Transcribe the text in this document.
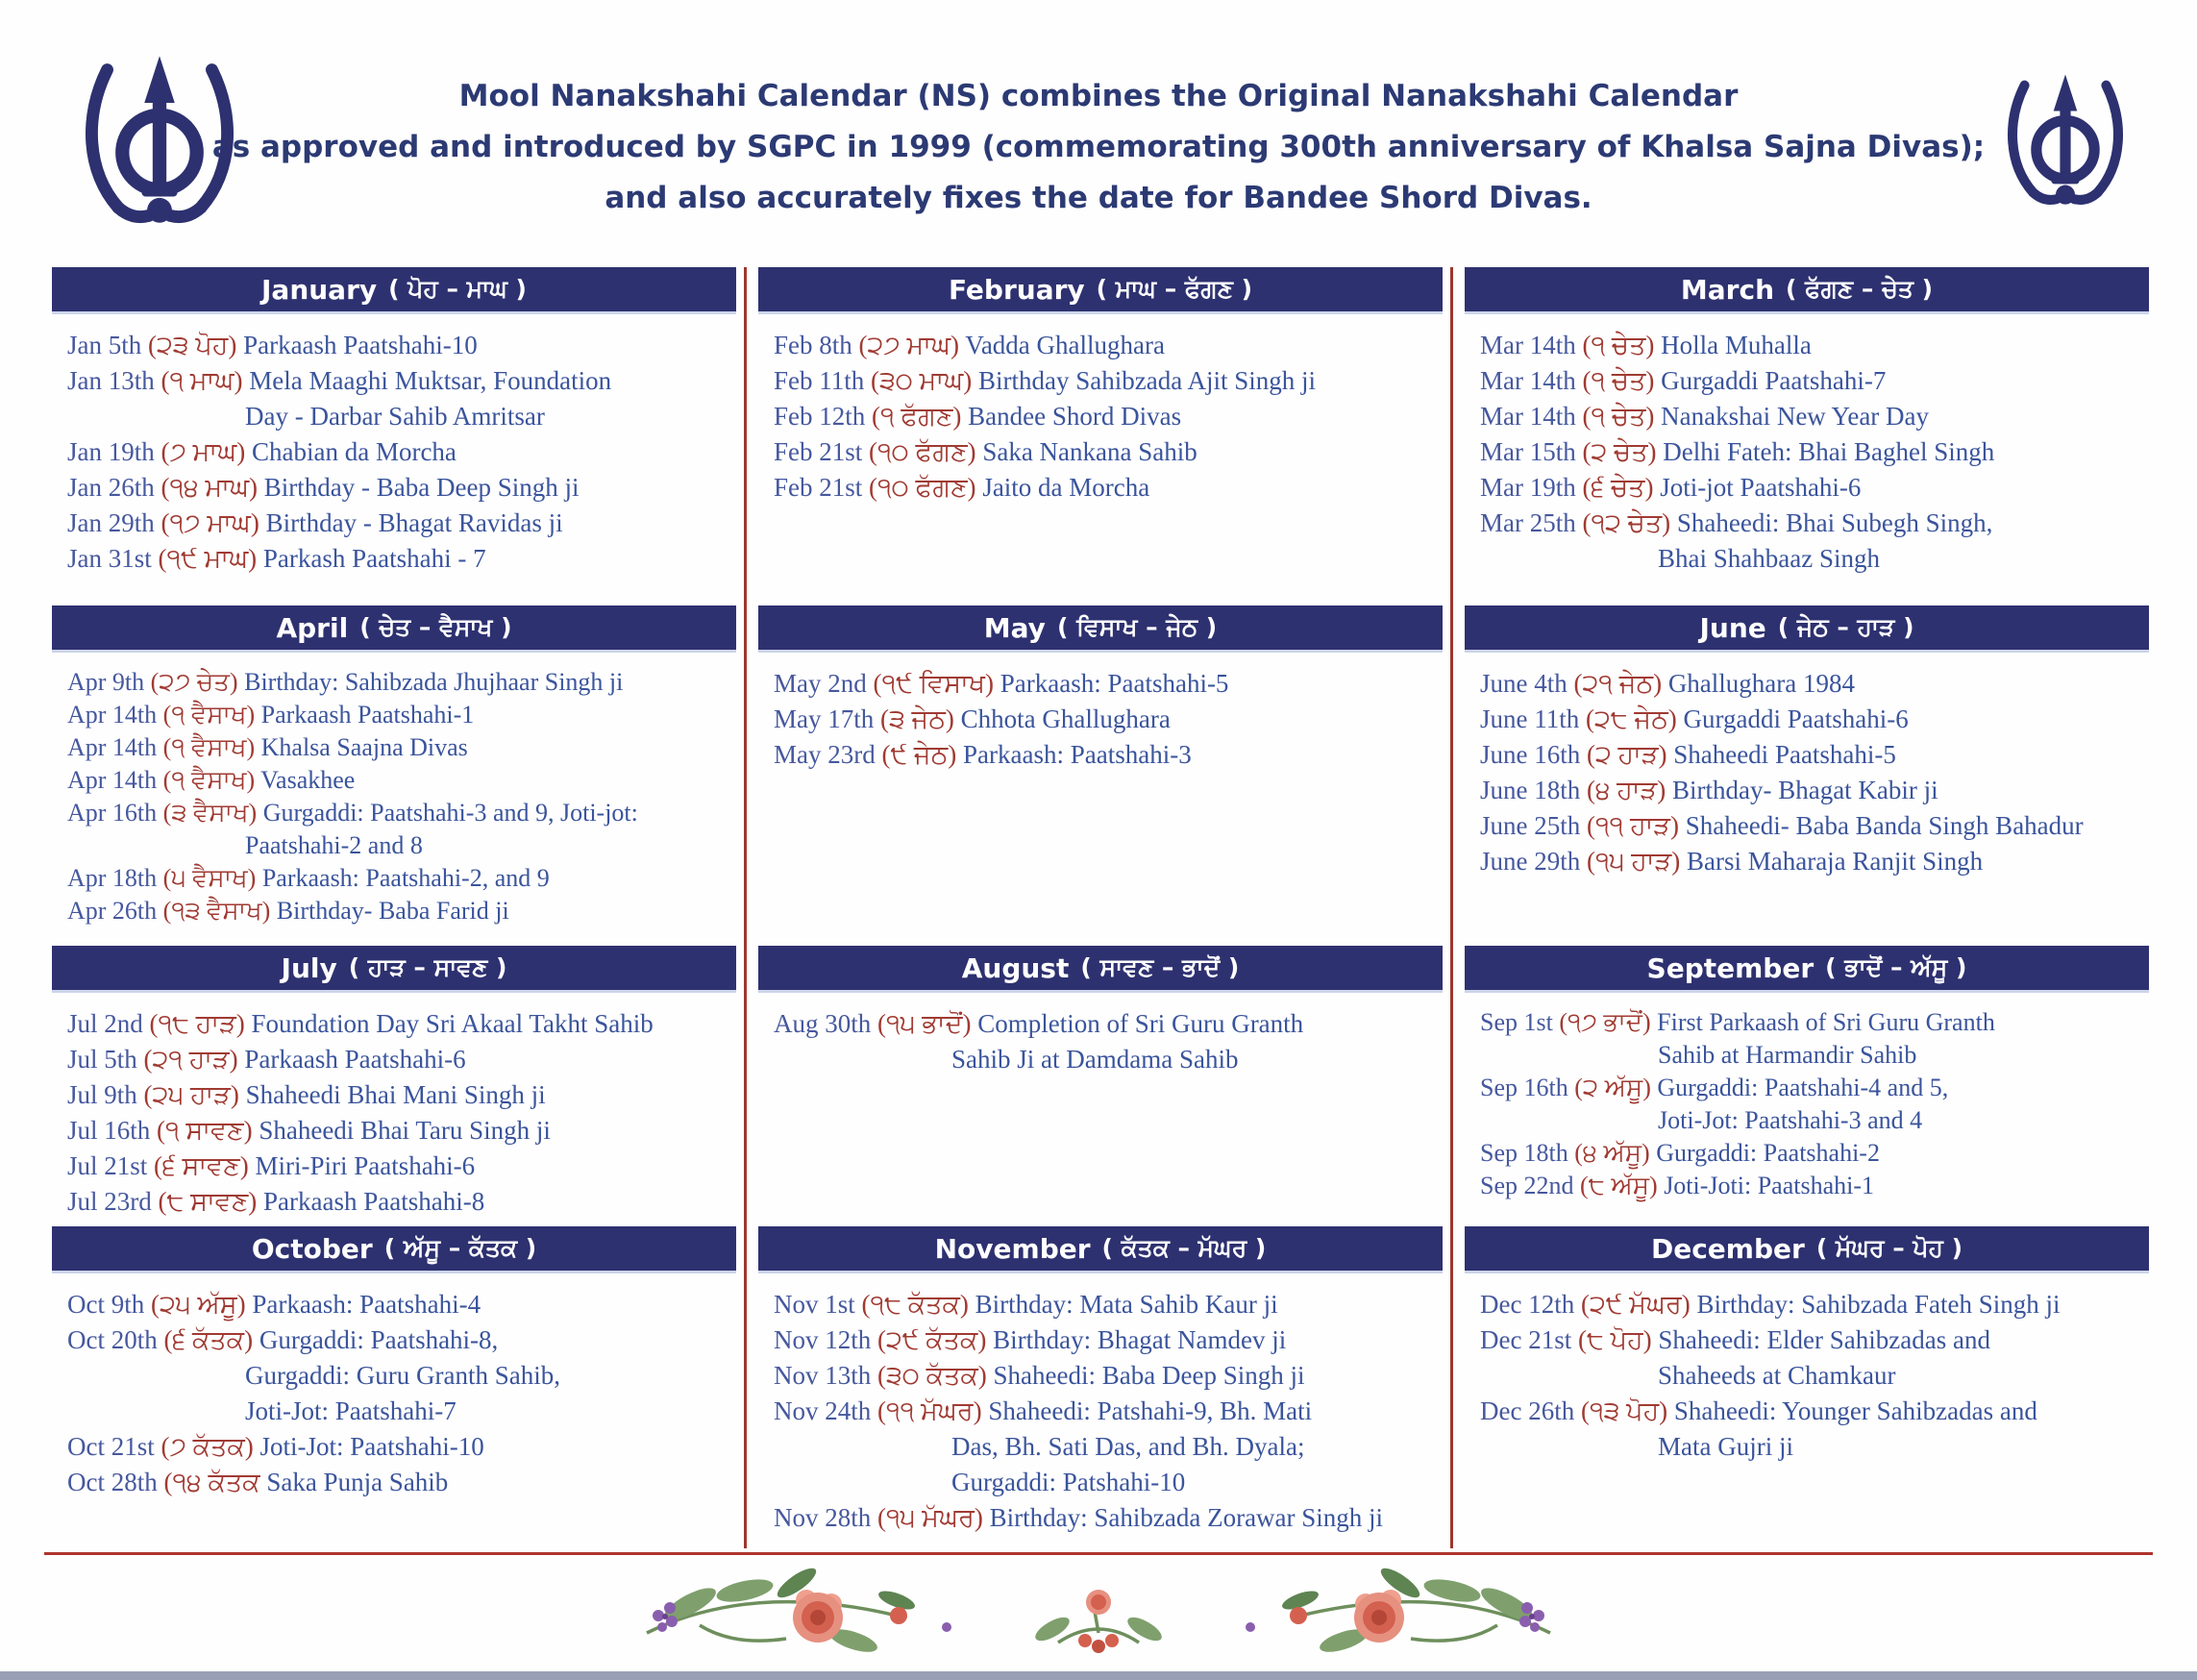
Mool Nanakshahi Calendar (NS) combines the Original Nanakshahi Calendar

as approved and introduced by SGPC in 1999 (commemorating 300th anniversary of Khalsa Sajna Divas);

and also accurately fixes the date for Bandee Shord Divas.

January ( ਪੋਹ – ਮਾਘ )

Jan 5th (੨੩ ਪੋਹ) Parkaash Paatshahi-10

Jan 13th (੧ ਮਾਘ) Mela Maaghi Muktsar, Foundation

Day - Darbar Sahib Amritsar

Jan 19th (੭ ਮਾਘ) Chabian da Morcha

Jan 26th (੧੪ ਮਾਘ) Birthday - Baba Deep Singh ji

Jan 29th (੧੭ ਮਾਘ) Birthday - Bhagat Ravidas ji

Jan 31st (੧੯ ਮਾਘ) Parkash Paatshahi - 7

February ( ਮਾਘ – ਫੱਗਣ )

Feb 8th (੨੭ ਮਾਘ) Vadda Ghallughara

Feb 11th (੩੦ ਮਾਘ) Birthday Sahibzada Ajit Singh ji

Feb 12th (੧ ਫੱਗਣ) Bandee Shord Divas

Feb 21st (੧੦ ਫੱਗਣ) Saka Nankana Sahib

Feb 21st (੧੦ ਫੱਗਣ) Jaito da Morcha

March ( ਫੱਗਣ – ਚੇਤ )

Mar 14th (੧ ਚੇਤ) Holla Muhalla

Mar 14th (੧ ਚੇਤ) Gurgaddi Paatshahi-7

Mar 14th (੧ ਚੇਤ) Nanakshai New Year Day

Mar 15th (੨ ਚੇਤ) Delhi Fateh: Bhai Baghel Singh

Mar 19th (੬ ਚੇਤ) Joti-jot Paatshahi-6

Mar 25th (੧੨ ਚੇਤ) Shaheedi: Bhai Subegh Singh,

Bhai Shahbaaz Singh

April ( ਚੇਤ – ਵੈਸਾਖ )

Apr 9th (੨੭ ਚੇਤ) Birthday: Sahibzada Jhujhaar Singh ji

Apr 14th (੧ ਵੈਸਾਖ) Parkaash Paatshahi-1

Apr 14th (੧ ਵੈਸਾਖ) Khalsa Saajna Divas

Apr 14th (੧ ਵੈਸਾਖ) Vasakhee

Apr 16th (੩ ਵੈਸਾਖ) Gurgaddi: Paatshahi-3 and 9, Joti-jot:

Paatshahi-2 and 8

Apr 18th (੫ ਵੈਸਾਖ) Parkaash: Paatshahi-2, and 9

Apr 26th (੧੩ ਵੈਸਾਖ) Birthday- Baba Farid ji

May ( ਵਿਸਾਖ – ਜੇਠ )

May 2nd (੧੯ ਵਿਸਾਖ) Parkaash: Paatshahi-5

May 17th (੩ ਜੇਠ) Chhota Ghallughara

May 23rd (੯ ਜੇਠ) Parkaash: Paatshahi-3

June ( ਜੇਠ – ਹਾੜ )

June 4th (੨੧ ਜੇਠ) Ghallughara 1984

June 11th (੨੮ ਜੇਠ) Gurgaddi Paatshahi-6

June 16th (੨ ਹਾੜ) Shaheedi Paatshahi-5

June 18th (੪ ਹਾੜ) Birthday- Bhagat Kabir ji

June 25th (੧੧ ਹਾੜ) Shaheedi- Baba Banda Singh Bahadur

June 29th (੧੫ ਹਾੜ) Barsi Maharaja Ranjit Singh

July ( ਹਾੜ – ਸਾਵਣ )

Jul 2nd (੧੮ ਹਾੜ) Foundation Day Sri Akaal Takht Sahib

Jul 5th (੨੧ ਹਾੜ) Parkaash Paatshahi-6

Jul 9th (੨੫ ਹਾੜ) Shaheedi Bhai Mani Singh ji

Jul 16th (੧ ਸਾਵਣ) Shaheedi Bhai Taru Singh ji

Jul 21st (੬ ਸਾਵਣ) Miri-Piri Paatshahi-6

Jul 23rd (੮ ਸਾਵਣ) Parkaash Paatshahi-8

August ( ਸਾਵਣ – ਭਾਦੋਂ )

Aug 30th (੧੫ ਭਾਦੋਂ) Completion of Sri Guru Granth

Sahib Ji at Damdama Sahib

September ( ਭਾਦੋਂ – ਅੱਸੂ )

Sep 1st (੧੭ ਭਾਦੋਂ) First Parkaash of Sri Guru Granth

Sahib at Harmandir Sahib

Sep 16th (੨ ਅੱਸੂ) Gurgaddi: Paatshahi-4 and 5,

Joti-Jot: Paatshahi-3 and 4

Sep 18th (੪ ਅੱਸੂ) Gurgaddi: Paatshahi-2

Sep 22nd (੮ ਅੱਸੂ) Joti-Joti: Paatshahi-1

October ( ਅੱਸੂ – ਕੱਤਕ )

Oct 9th (੨੫ ਅੱਸੂ) Parkaash: Paatshahi-4

Oct 20th (੬ ਕੱਤਕ) Gurgaddi: Paatshahi-8,

Gurgaddi: Guru Granth Sahib,

Joti-Jot: Paatshahi-7

Oct 21st (੭ ਕੱਤਕ) Joti-Jot: Paatshahi-10

Oct 28th (੧੪ ਕੱਤਕ Saka Punja Sahib

November ( ਕੱਤਕ – ਮੱਘਰ )

Nov 1st (੧੮ ਕੱਤਕ) Birthday: Mata Sahib Kaur ji

Nov 12th (੨੯ ਕੱਤਕ) Birthday: Bhagat Namdev ji

Nov 13th (੩੦ ਕੱਤਕ) Shaheedi: Baba Deep Singh ji

Nov 24th (੧੧ ਮੱਘਰ) Shaheedi: Patshahi-9, Bh. Mati

Das, Bh. Sati Das, and Bh. Dyala;

Gurgaddi: Patshahi-10

Nov 28th (੧੫ ਮੱਘਰ) Birthday: Sahibzada Zorawar Singh ji

December ( ਮੱਘਰ – ਪੋਹ )

Dec 12th (੨੯ ਮੱਘਰ) Birthday: Sahibzada Fateh Singh ji

Dec 21st (੮ ਪੋਹ) Shaheedi: Elder Sahibzadas and

Shaheeds at Chamkaur

Dec 26th (੧੩ ਪੋਹ) Shaheedi: Younger Sahibzadas and

Mata Gujri ji
